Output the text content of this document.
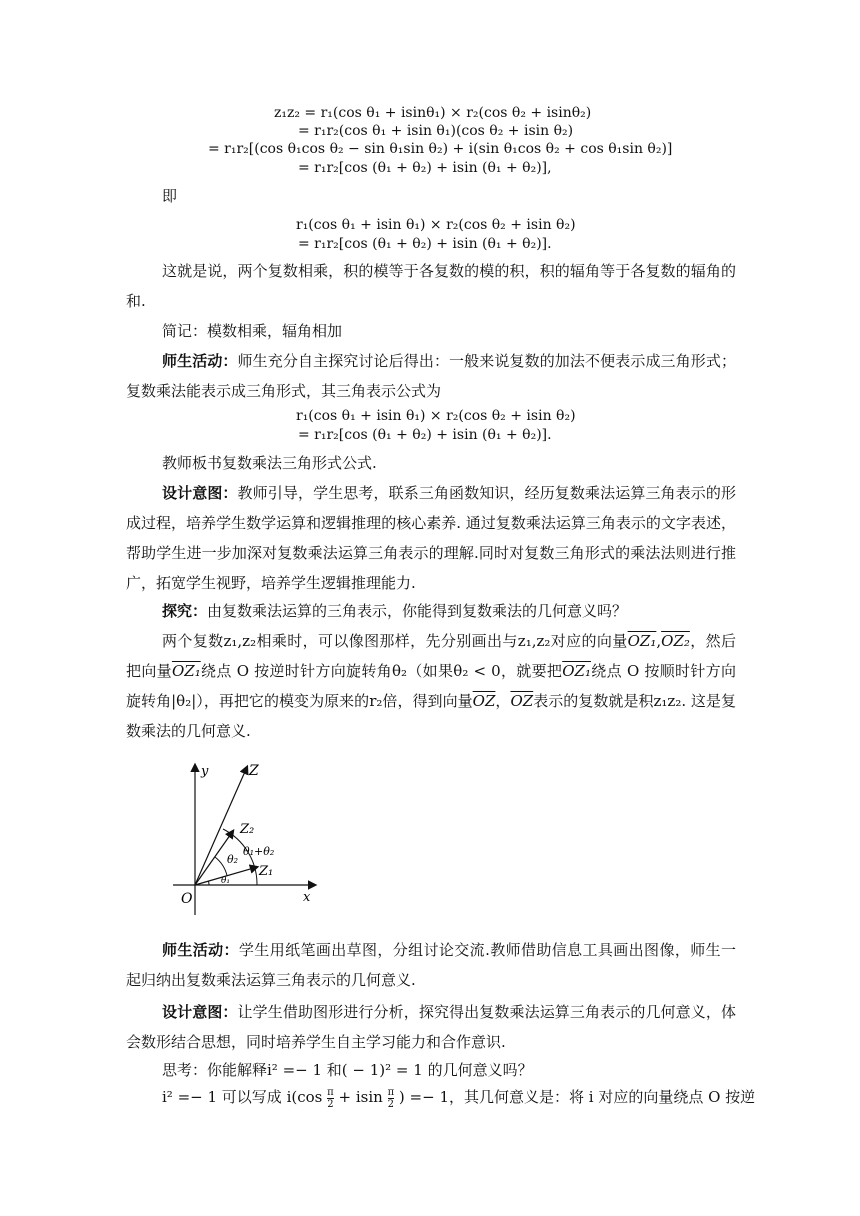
z₁z₂ = r₁(cos θ₁ + isinθ₁) × r₂(cos θ₂ + isinθ₂)
= r₁r₂(cos θ₁ + isin θ₁)(cos θ₂ + isin θ₂)
= r₁r₂[(cos θ₁cos θ₂ − sin θ₁sin θ₂) + i(sin θ₁cos θ₂ + cos θ₁sin θ₂)]
= r₁r₂[cos (θ₁ + θ₂) + isin (θ₁ + θ₂)],
即
r₁(cos θ₁ + isin θ₁) × r₂(cos θ₂ + isin θ₂)
= r₁r₂[cos (θ₁ + θ₂) + isin (θ₁ + θ₂)].

这就是说，两个复数相乘，积的模等于各复数的模的积，积的辐角等于各复数的辐角的和.

简记：模数相乘，辐角相加

师生活动：师生充分自主探究讨论后得出：一般来说复数的加法不便表示成三角形式；复数乘法能表示成三角形式，其三角表示公式为

r₁(cos θ₁ + isin θ₁) × r₂(cos θ₂ + isin θ₂)
= r₁r₂[cos (θ₁ + θ₂) + isin (θ₁ + θ₂)].

教师板书复数乘法三角形式公式.

设计意图：教师引导，学生思考，联系三角函数知识，经历复数乘法运算三角表示的形成过程，培养学生数学运算和逻辑推理的核心素养. 通过复数乘法运算三角表示的文字表述，帮助学生进一步加深对复数乘法运算三角表示的理解.同时对复数三角形式的乘法法则进行推广，拓宽学生视野，培养学生逻辑推理能力.

探究：由复数乘法运算的三角表示，你能得到复数乘法的几何意义吗？

两个复数z₁,z₂相乘时，可以像图那样，先分别画出与z₁,z₂对应的向量OZ₁,OZ₂，然后把向量OZ₁绕点 O 按逆时针方向旋转角θ₂（如果θ₂ < 0，就要把OZ₁绕点 O 按顺时针方向旋转角|θ₂|），再把它的模变为原来的r₂倍，得到向量$\overline{OZ}$，$\overline{OZ}$表示的复数就是积z₁z₂. 这是复数乘法的几何意义.

y	Z
Z₂
θ₁+θ₂
θ₂
Z₁
θ₁
O	x

师生活动：学生用纸笔画出草图，分组讨论交流.教师借助信息工具画出图像，师生一起归纳出复数乘法运算三角表示的几何意义.

设计意图：让学生借助图形进行分析，探究得出复数乘法运算三角表示的几何意义，体会数形结合思想，同时培养学生自主学习能力和合作意识.

思考：你能解释i² =− 1 和( − 1)² = 1 的几何意义吗？

i² =− 1 可以写成 $i(\cos \frac{\pi}{2} + isin \frac{\pi}{2}$ ) =− 1，其几何意义是：将 i 对应的向量绕点 O 按逆
